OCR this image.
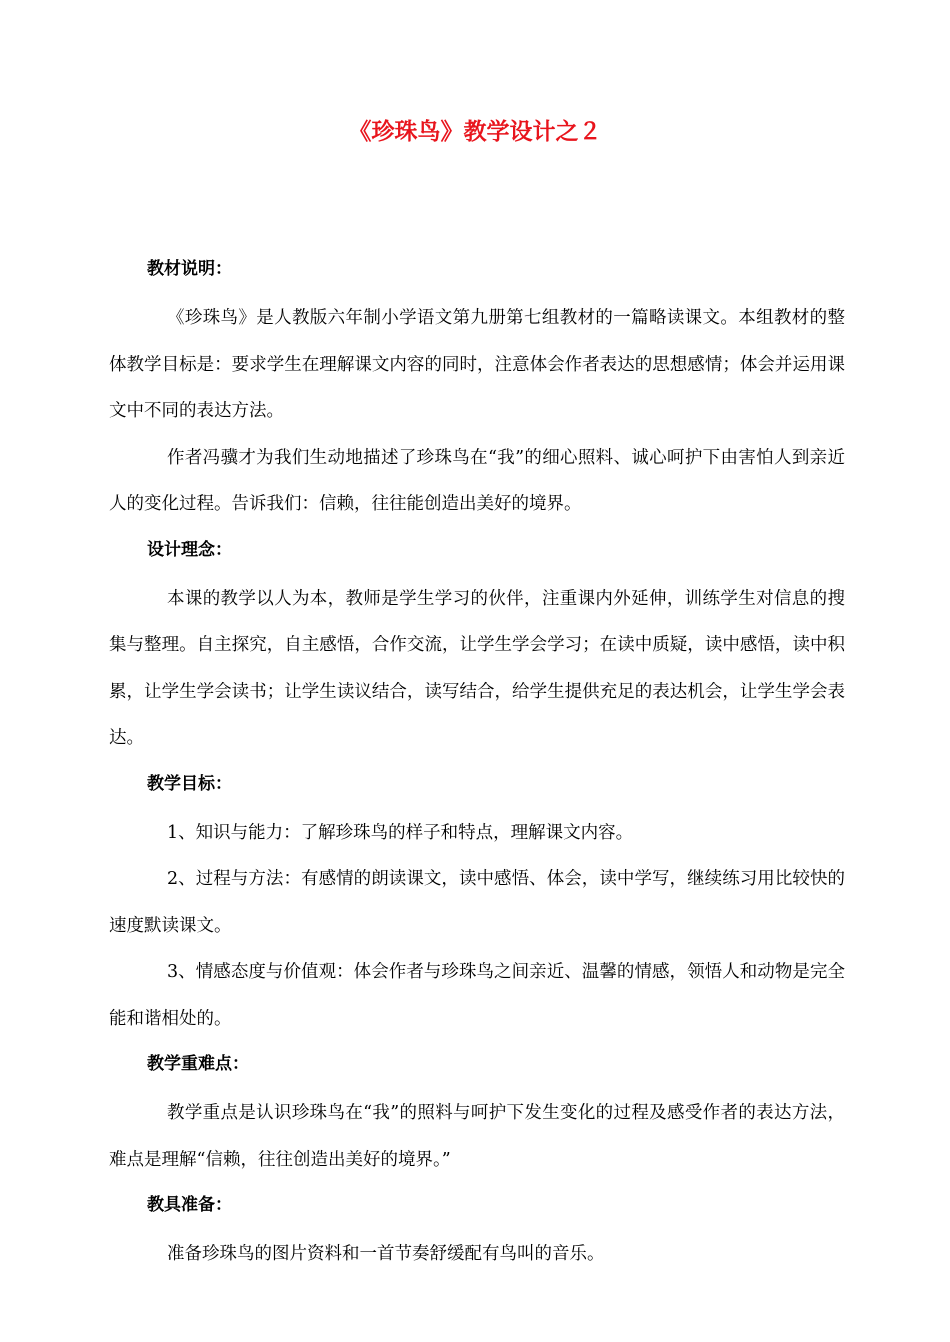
《珍珠鸟》教学设计之２
教材说明：

《珍珠鸟》是人教版六年制小学语文第九册第七组教材的一篇略读课文。本组教材的整体教学目标是：要求学生在理解课文内容的同时，注意体会作者表达的思想感情；体会并运用课文中不同的表达方法。

作者冯骥才为我们生动地描述了珍珠鸟在“我”的细心照料、诚心呵护下由害怕人到亲近人的变化过程。告诉我们：信赖，往往能创造出美好的境界。

设计理念：

本课的教学以人为本，教师是学生学习的伙伴，注重课内外延伸，训练学生对信息的搜集与整理。自主探究，自主感悟，合作交流，让学生学会学习；在读中质疑，读中感悟，读中积累，让学生学会读书；让学生读议结合，读写结合，给学生提供充足的表达机会，让学生学会表达。

教学目标：

1、知识与能力：了解珍珠鸟的样子和特点，理解课文内容。

2、过程与方法：有感情的朗读课文，读中感悟、体会，读中学写，继续练习用比较快的速度默读课文。

3、情感态度与价值观：体会作者与珍珠鸟之间亲近、温馨的情感，领悟人和动物是完全能和谐相处的。

教学重难点：

教学重点是认识珍珠鸟在“我”的照料与呵护下发生变化的过程及感受作者的表达方法，难点是理解“信赖，往往创造出美好的境界。”

教具准备：

准备珍珠鸟的图片资料和一首节奏舒缓配有鸟叫的音乐。
